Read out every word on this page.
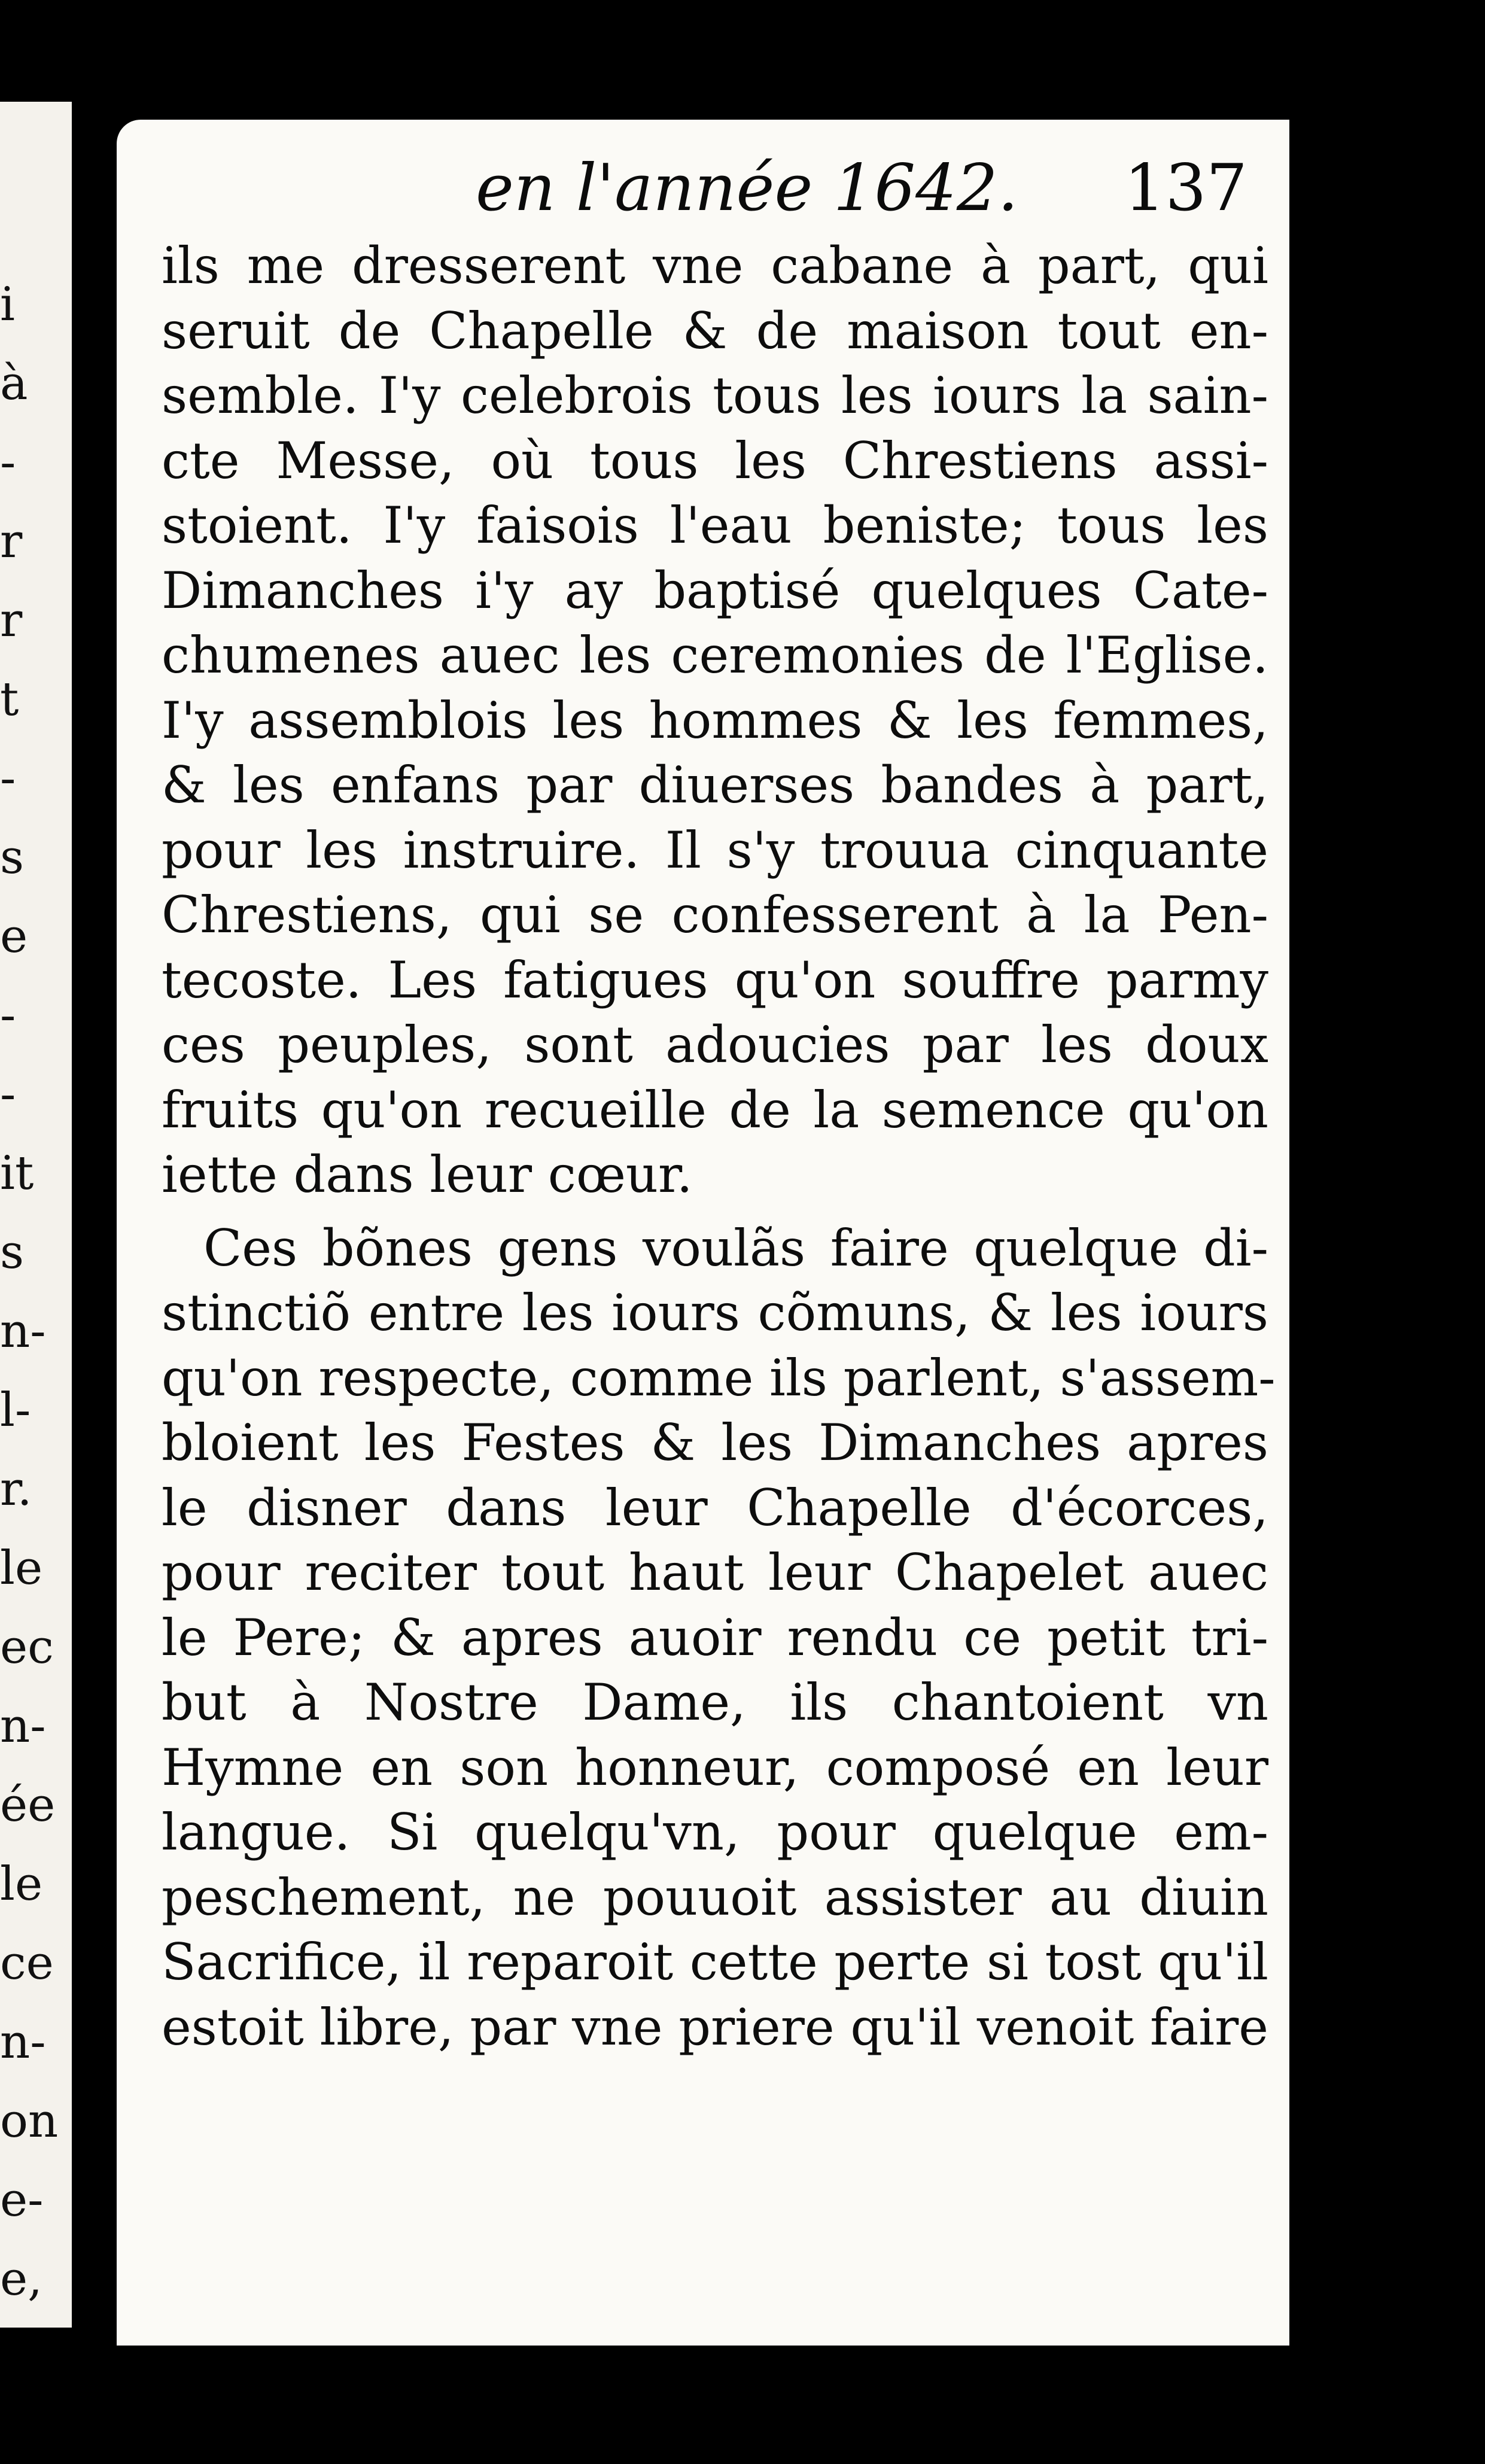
i
à
-
r
r
t
-
s
e
-
-
it
s
n-
l-
r.
le
ec
n-
ée
le
ce
n-
on
e-
e,
en l'année 1642. 137
ils me dresserent vne cabane à part, qui
seruit de Chapelle & de maison tout en-
semble. I'y celebrois tous les iours la sain-
cte Messe, où tous les Chrestiens assi-
stoient. I'y faisois l'eau beniste; tous les
Dimanches i'y ay baptisé quelques Cate-
chumenes auec les ceremonies de l'Eglise.
I'y assemblois les hommes & les femmes,
& les enfans par diuerses bandes à part,
pour les instruire. Il s'y trouua cinquante
Chrestiens, qui se confesserent à la Pen-
tecoste. Les fatigues qu'on souffre parmy
ces peuples, sont adoucies par les doux
fruits qu'on recueille de la semence qu'on
iette dans leur cœur.
Ces bõnes gens voulãs faire quelque di-
stinctiõ entre les iours cõmuns, & les iours
qu'on respecte, comme ils parlent, s'assem-
bloient les Festes & les Dimanches apres
le disner dans leur Chapelle d'écorces,
pour reciter tout haut leur Chapelet auec
le Pere; & apres auoir rendu ce petit tri-
but à Nostre Dame, ils chantoient vn
Hymne en son honneur, composé en leur
langue. Si quelqu'vn, pour quelque em-
peschement, ne pouuoit assister au diuin
Sacrifice, il reparoit cette perte si tost qu'il
estoit libre, par vne priere qu'il venoit faire
